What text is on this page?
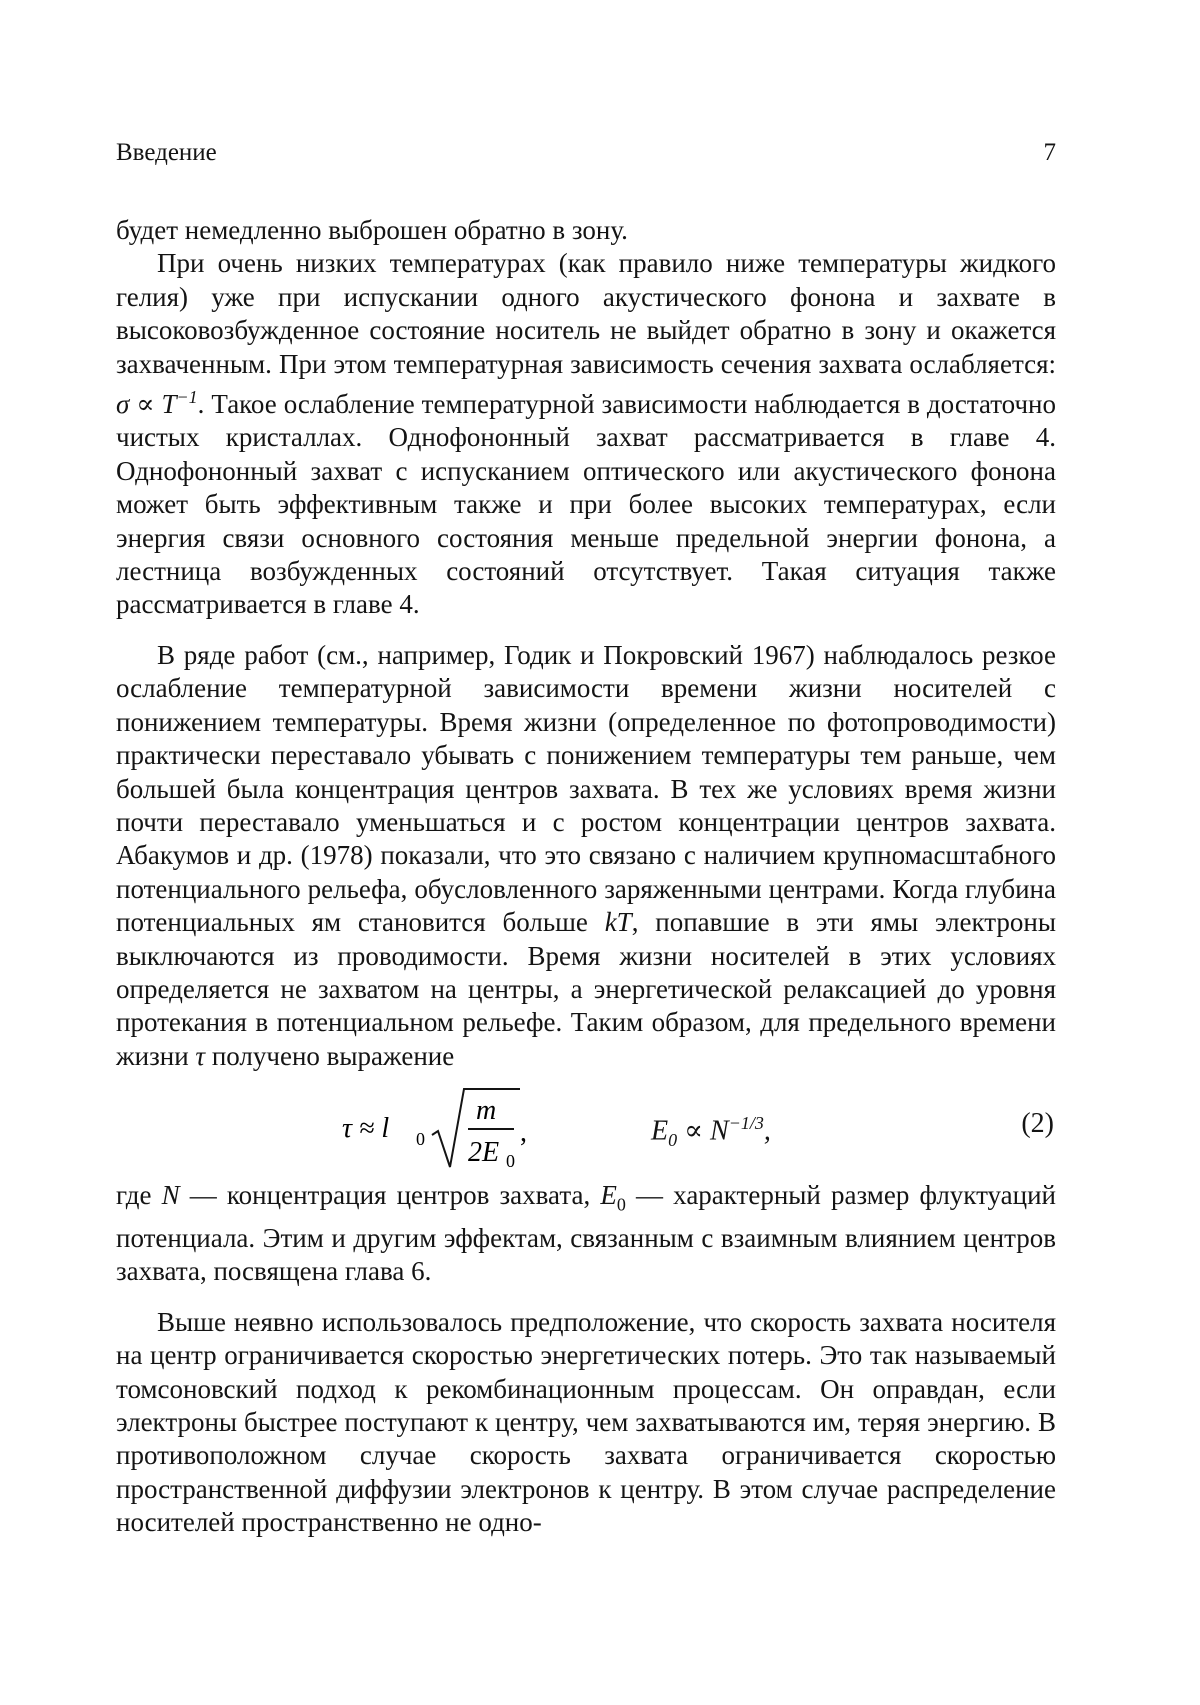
Введение	7

будет немедленно выброшен обратно в зону.

При очень низких температурах (как правило ниже температуры жидкого гелия) уже при испускании одного акустического фонона и захвате в высоковозбужденное состояние носитель не выйдет обратно в зону и окажется захваченным. При этом температурная зависимость сечения захвата ослабляется: $\sigma \propto T^{-1}$. Такое ослабление температурной зависимости наблюдается в достаточно чистых кристаллах. Однофононный захват рассматривается в главе 4. Однофононный захват с испусканием оптического или акустического фонона может быть эффективным также и при более высоких температурах, если энергия связи основного состояния меньше предельной энергии фонона, а лестница возбужденных состояний отсутствует. Такая ситуация также рассматривается в главе 4.

В ряде работ (см., например, Годик и Покровский 1967) наблюдалось резкое ослабление температурной зависимости времени жизни носителей с понижением температуры. Время жизни (определенное по фотопроводимости) практически переставало убывать с понижением температуры тем раньше, чем большей была концентрация центров захвата. В тех же условиях время жизни почти переставало уменьшаться и с ростом концентрации центров захвата. Абакумов и др. (1978) показали, что это связано с наличием крупномасштабного потенциального рельефа, обусловленного заряженными центрами. Когда глубина потенциальных ям становится больше kT, попавшие в эти ямы электроны выключаются из проводимости. Время жизни носителей в этих условиях определяется не захватом на центры, а энергетической релаксацией до уровня протекания в потенциальном рельефе. Таким образом, для предельного времени жизни τ получено выражение

τ ≈ l 0
m
2E 0
,	$E_0 \propto N^{-1/3}$,	(2)

где N — концентрация центров захвата, $E_0$ — характерный размер флуктуаций потенциала. Этим и другим эффектам, связанным с взаимным влиянием центров захвата, посвящена глава 6.

Выше неявно использовалось предположение, что скорость захвата носителя на центр ограничивается скоростью энергетических потерь. Это так называемый томсоновский подход к рекомбинационным процессам. Он оправдан, если электроны быстрее поступают к центру, чем захватываются им, теряя энергию. В противоположном случае скорость захвата ограничивается скоростью пространственной диффузии электронов к центру. В этом случае распределение носителей пространственно не одно-
